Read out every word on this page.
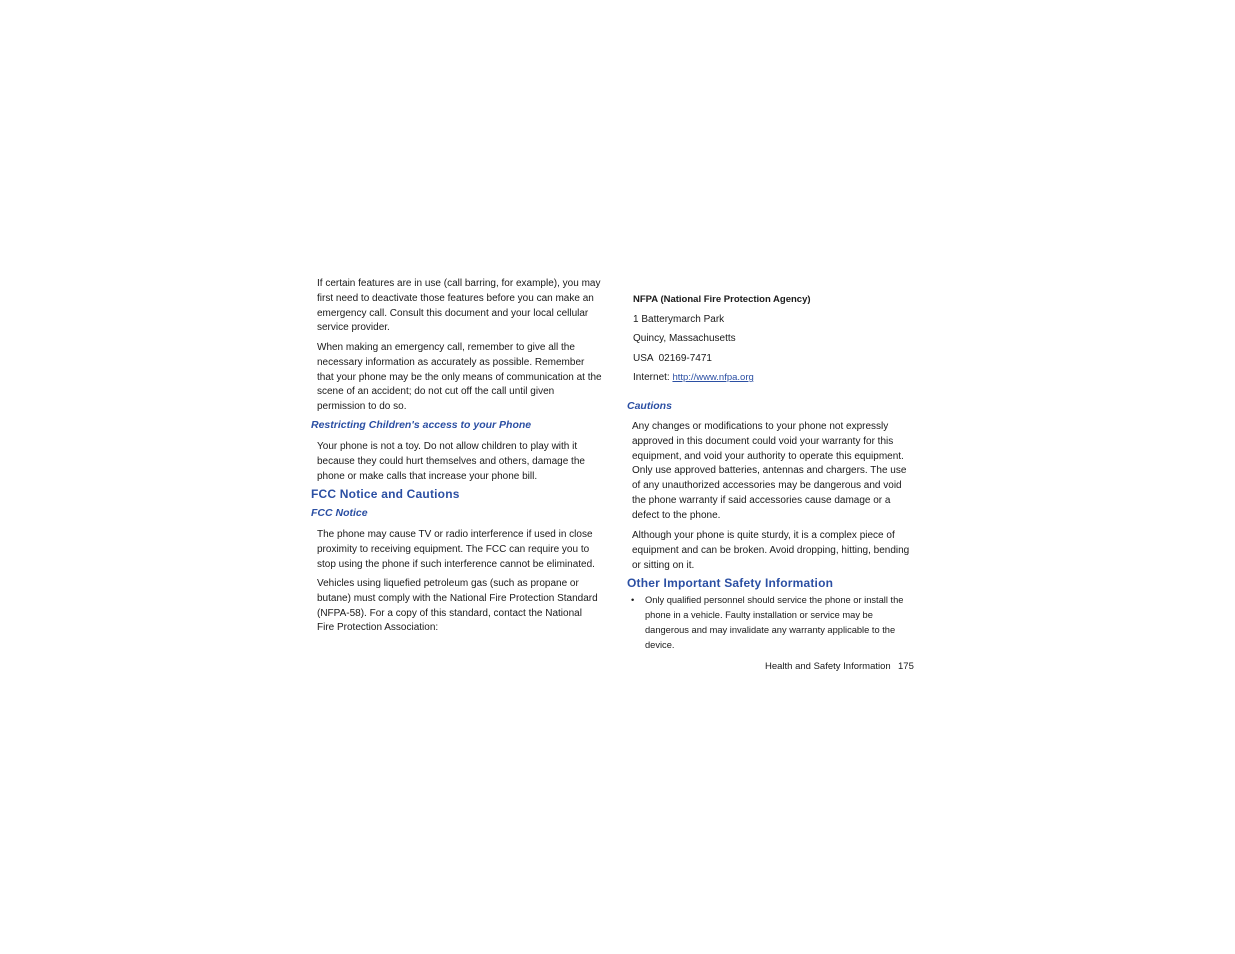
If certain features are in use (call barring, for example), you may first need to deactivate those features before you can make an emergency call. Consult this document and your local cellular service provider.

When making an emergency call, remember to give all the necessary information as accurately as possible. Remember that your phone may be the only means of communication at the scene of an accident; do not cut off the call until given permission to do so.

Restricting Children's access to your Phone

Your phone is not a toy. Do not allow children to play with it because they could hurt themselves and others, damage the phone or make calls that increase your phone bill.

FCC Notice and Cautions
FCC Notice

The phone may cause TV or radio interference if used in close proximity to receiving equipment. The FCC can require you to stop using the phone if such interference cannot be eliminated.

Vehicles using liquefied petroleum gas (such as propane or butane) must comply with the National Fire Protection Standard (NFPA-58). For a copy of this standard, contact the National Fire Protection Association:

NFPA (National Fire Protection Agency)

1 Batterymarch Park

Quincy, Massachusetts

USA  02169-7471

Internet: http://www.nfpa.org

Cautions

Any changes or modifications to your phone not expressly approved in this document could void your warranty for this equipment, and void your authority to operate this equipment. Only use approved batteries, antennas and chargers. The use of any unauthorized accessories may be dangerous and void the phone warranty if said accessories cause damage or a defect to the phone.

Although your phone is quite sturdy, it is a complex piece of equipment and can be broken. Avoid dropping, hitting, bending or sitting on it.

Other Important Safety Information
•	Only qualified personnel should service the phone or install the phone in a vehicle. Faulty installation or service may be dangerous and may invalidate any warranty applicable to the device.
Health and Safety Information 175
